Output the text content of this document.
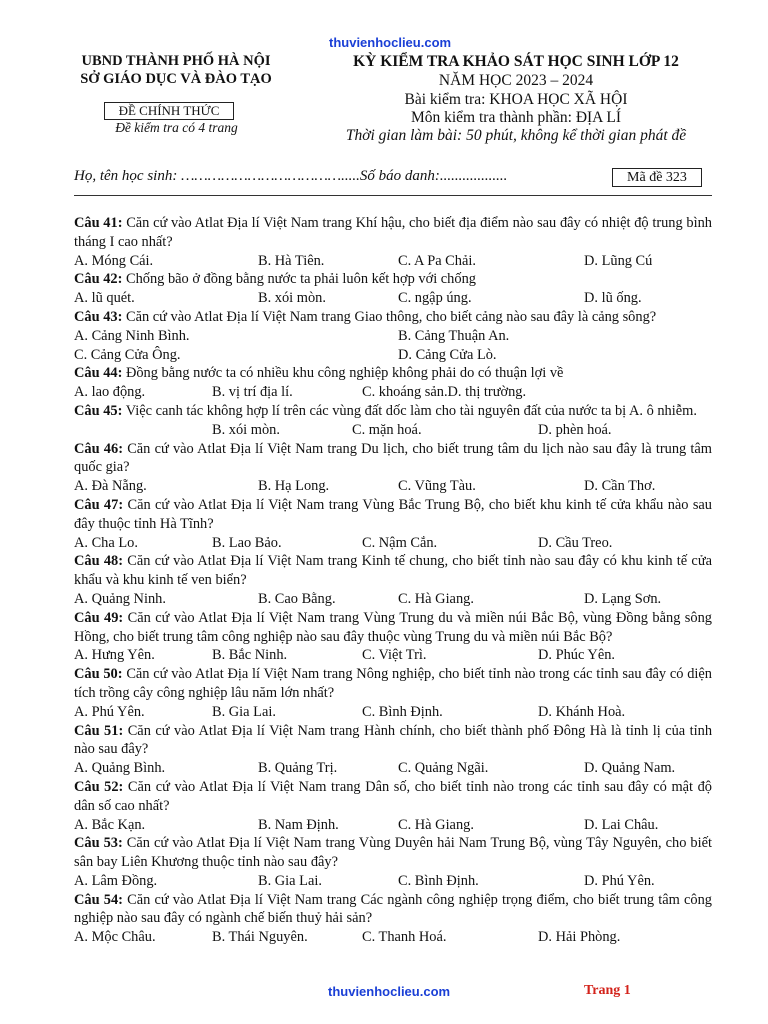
thuvienhoclieu.com
UBND THÀNH PHỐ HÀ NỘI
SỞ GIÁO DỤC VÀ ĐÀO TẠO
ĐỀ CHÍNH THỨC
Đề kiểm tra có 4 trang
KỲ KIỂM TRA KHẢO SÁT HỌC SINH LỚP 12
NĂM HỌC 2023 – 2024
Bài kiểm tra: KHOA HỌC XÃ HỘI
Môn kiểm tra thành phần: ĐỊA LÍ
Thời gian làm bài: 50 phút, không kể thời gian phát đề
Họ, tên học sinh: ……………………………….....Số báo danh:..................	Mã đề 323
Câu 41: Căn cứ vào Atlat Địa lí Việt Nam trang Khí hậu, cho biết địa điểm nào sau đây có nhiệt độ trung bình tháng I cao nhất?
A. Móng Cái.	B. Hà Tiên.	C. A Pa Chải.	D. Lũng Cú
Câu 42: Chống bão ở đồng bằng nước ta phải luôn kết hợp với chống
A. lũ quét.	B. xói mòn.	C. ngập úng.	D. lũ ống.
Câu 43: Căn cứ vào Atlat Địa lí Việt Nam trang Giao thông, cho biết cảng nào sau đây là cảng sông?
A. Cảng Ninh Bình.	B. Cảng Thuận An.
C. Cảng Cửa Ông.	D. Cảng Cửa Lò.
Câu 44: Đồng bằng nước ta có nhiều khu công nghiệp không phải do có thuận lợi về
A. lao động.	B. vị trí địa lí.	C. khoáng sản.D. thị trường.
Câu 45: Việc canh tác không hợp lí trên các vùng đất dốc làm cho tài nguyên đất của nước ta bị A. ô nhiễm.
B. xói mòn.	C. mặn hoá.	D. phèn hoá.
Câu 46: Căn cứ vào Atlat Địa lí Việt Nam trang Du lịch, cho biết trung tâm du lịch nào sau đây là trung tâm quốc gia?
A. Đà Nẵng.	B. Hạ Long.	C. Vũng Tàu.	D. Cần Thơ.
Câu 47: Căn cứ vào Atlat Địa lí Việt Nam trang Vùng Bắc Trung Bộ, cho biết khu kinh tế cửa khẩu nào sau đây thuộc tỉnh Hà Tĩnh?
A. Cha Lo.	B. Lao Bảo.	C. Nậm Cắn.	D. Cầu Treo.
Câu 48: Căn cứ vào Atlat Địa lí Việt Nam trang Kinh tế chung, cho biết tỉnh nào sau đây có khu kinh tế cửa khẩu và khu kinh tế ven biển?
A. Quảng Ninh.	B. Cao Bằng.	C. Hà Giang.	D. Lạng Sơn.
Câu 49: Căn cứ vào Atlat Địa lí Việt Nam trang Vùng Trung du và miền núi Bắc Bộ, vùng Đồng bằng sông Hồng, cho biết trung tâm công nghiệp nào sau đây thuộc vùng Trung du và miền núi Bắc Bộ?
A. Hưng Yên.	B. Bắc Ninh.	C. Việt Trì.	D. Phúc Yên.
Câu 50: Căn cứ vào Atlat Địa lí Việt Nam trang Nông nghiệp, cho biết tỉnh nào trong các tỉnh sau đây có diện tích trồng cây công nghiệp lâu năm lớn nhất?
A. Phú Yên.	B. Gia Lai.	C. Bình Định.	D. Khánh Hoà.
Câu 51: Căn cứ vào Atlat Địa lí Việt Nam trang Hành chính, cho biết thành phố Đông Hà là tỉnh lị của tỉnh nào sau đây?
A. Quảng Bình.	B. Quảng Trị.	C. Quảng Ngãi.	D. Quảng Nam.
Câu 52: Căn cứ vào Atlat Địa lí Việt Nam trang Dân số, cho biết tỉnh nào trong các tỉnh sau đây có mật độ dân số cao nhất?
A. Bắc Kạn.	B. Nam Định.	C. Hà Giang.	D. Lai Châu.
Câu 53: Căn cứ vào Atlat Địa lí Việt Nam trang Vùng Duyên hải Nam Trung Bộ, vùng Tây Nguyên, cho biết sân bay Liên Khương thuộc tỉnh nào sau đây?
A. Lâm Đồng.	B. Gia Lai.	C. Bình Định.	D. Phú Yên.
Câu 54: Căn cứ vào Atlat Địa lí Việt Nam trang Các ngành công nghiệp trọng điểm, cho biết trung tâm công nghiệp nào sau đây có ngành chế biến thuỷ hải sản?
A. Mộc Châu.	B. Thái Nguyên.	C. Thanh Hoá.	D. Hải Phòng.
thuvienhoclieu.com	Trang 1
